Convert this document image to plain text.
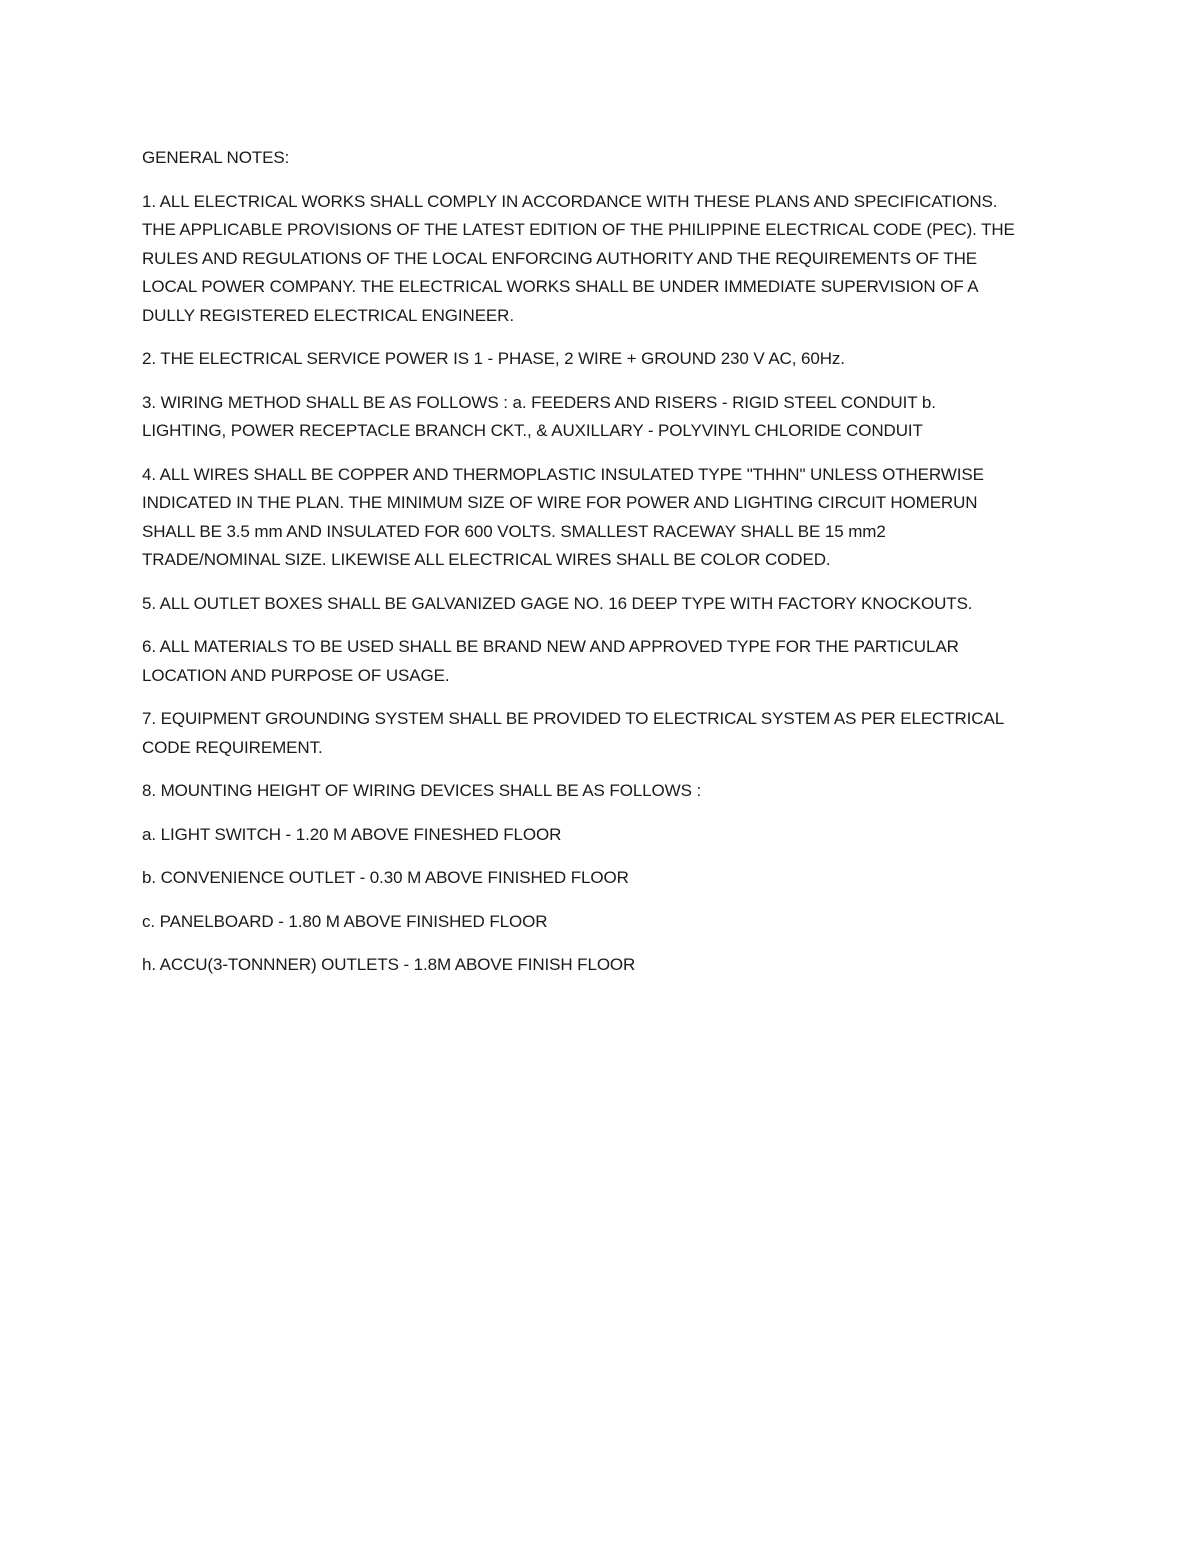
GENERAL NOTES:

1. ALL ELECTRICAL WORKS SHALL COMPLY IN ACCORDANCE WITH THESE PLANS AND SPECIFICATIONS.
THE APPLICABLE PROVISIONS OF THE LATEST EDITION OF THE PHILIPPINE ELECTRICAL CODE (PEC). THE
RULES AND REGULATIONS OF THE LOCAL ENFORCING AUTHORITY AND THE REQUIREMENTS OF THE
LOCAL POWER COMPANY. THE ELECTRICAL WORKS SHALL BE UNDER IMMEDIATE SUPERVISION OF A
DULLY REGISTERED ELECTRICAL ENGINEER.

2. THE ELECTRICAL SERVICE POWER IS 1 - PHASE, 2 WIRE + GROUND 230 V AC, 60Hz.

3. WIRING METHOD SHALL BE AS FOLLOWS : a. FEEDERS AND RISERS - RIGID STEEL CONDUIT b.
LIGHTING, POWER RECEPTACLE BRANCH CKT., & AUXILLARY - POLYVINYL CHLORIDE CONDUIT

4. ALL WIRES SHALL BE COPPER AND THERMOPLASTIC INSULATED TYPE "THHN" UNLESS OTHERWISE
INDICATED IN THE PLAN. THE MINIMUM SIZE OF WIRE FOR POWER AND LIGHTING CIRCUIT HOMERUN
SHALL BE 3.5 mm AND INSULATED FOR 600 VOLTS. SMALLEST RACEWAY SHALL BE 15 mm2
TRADE/NOMINAL SIZE. LIKEWISE ALL ELECTRICAL WIRES SHALL BE COLOR CODED.

5. ALL OUTLET BOXES SHALL BE GALVANIZED GAGE NO. 16 DEEP TYPE WITH FACTORY KNOCKOUTS.

6. ALL MATERIALS TO BE USED SHALL BE BRAND NEW AND APPROVED TYPE FOR THE PARTICULAR
LOCATION AND PURPOSE OF USAGE.

7. EQUIPMENT GROUNDING SYSTEM SHALL BE PROVIDED TO ELECTRICAL SYSTEM AS PER ELECTRICAL
CODE REQUIREMENT.

8. MOUNTING HEIGHT OF WIRING DEVICES SHALL BE AS FOLLOWS :

a. LIGHT SWITCH - 1.20 M ABOVE FINESHED FLOOR

b. CONVENIENCE OUTLET - 0.30 M ABOVE FINISHED FLOOR

c. PANELBOARD - 1.80 M ABOVE FINISHED FLOOR

h. ACCU(3-TONNNER) OUTLETS - 1.8M ABOVE FINISH FLOOR
